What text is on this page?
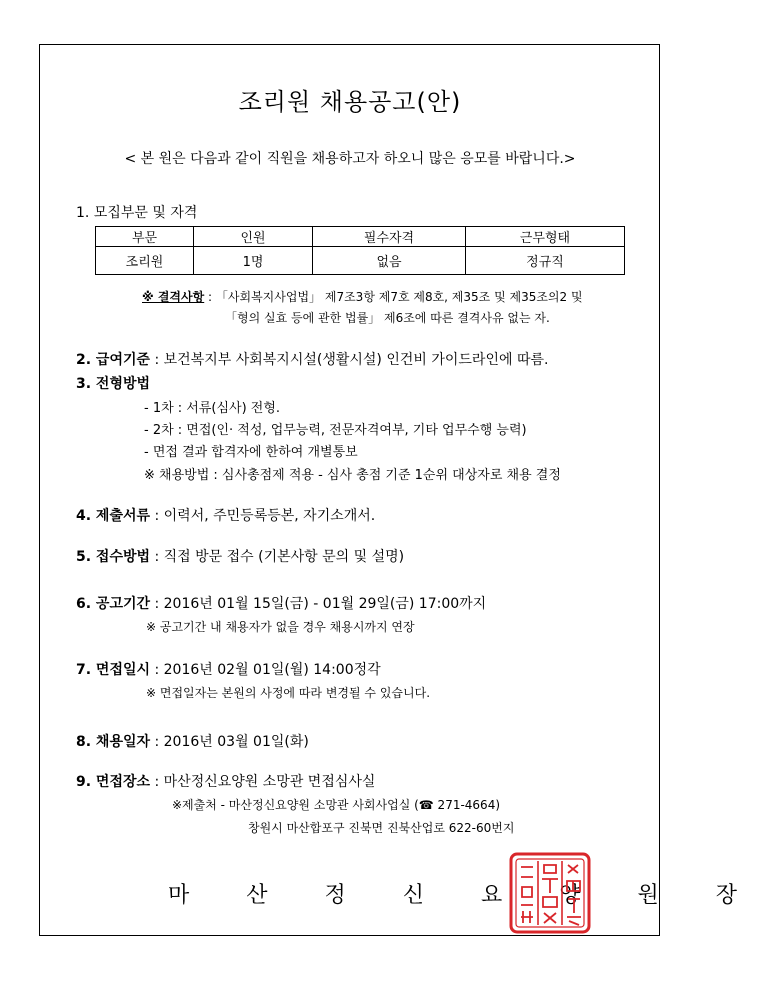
조리원 채용공고(안)
< 본 원은 다음과 같이 직원을 채용하고자 하오니 많은 응모를 바랍니다.>
1. 모집부문 및 자격
부문	인원	필수자격	근무형태
조리원	1명	없음	정규직
※ 결격사항 : 「사회복지사업법」 제7조3항 제7호 제8호, 제35조 및 제35조의2 및
「형의 실효 등에 관한 법률」 제6조에 따른 결격사유 없는 자.
2. 급여기준 : 보건복지부 사회복지시설(생활시설) 인건비 가이드라인에 따름.
3. 전형방법
- 1차 : 서류(심사) 전형.
- 2차 : 면접(인· 적성, 업무능력, 전문자격여부, 기타 업무수행 능력)
- 면접 결과 합격자에 한하여 개별통보
※ 채용방법 : 심사총점제 적용 - 심사 총점 기준 1순위 대상자로 채용 결정
4. 제출서류 : 이력서, 주민등록등본, 자기소개서.
5. 접수방법 : 직접 방문 접수 (기본사항 문의 및 설명)
6. 공고기간 : 2016년 01월 15일(금) - 01월 29일(금) 17:00까지
※ 공고기간 내 채용자가 없을 경우 채용시까지 연장
7. 면접일시 : 2016년 02월 01일(월) 14:00정각
※ 면접일자는 본원의 사정에 따라 변경될 수 있습니다.
8. 채용일자 : 2016년 03월 01일(화)
9. 면접장소 : 마산정신요양원 소망관 면접심사실
※제출처 - 마산정신요양원 소망관 사회사업실 (☎ 271-4664)
창원시 마산합포구 진북면 진북산업로 622-60번지
마 산 정 신 요 양 원 장
